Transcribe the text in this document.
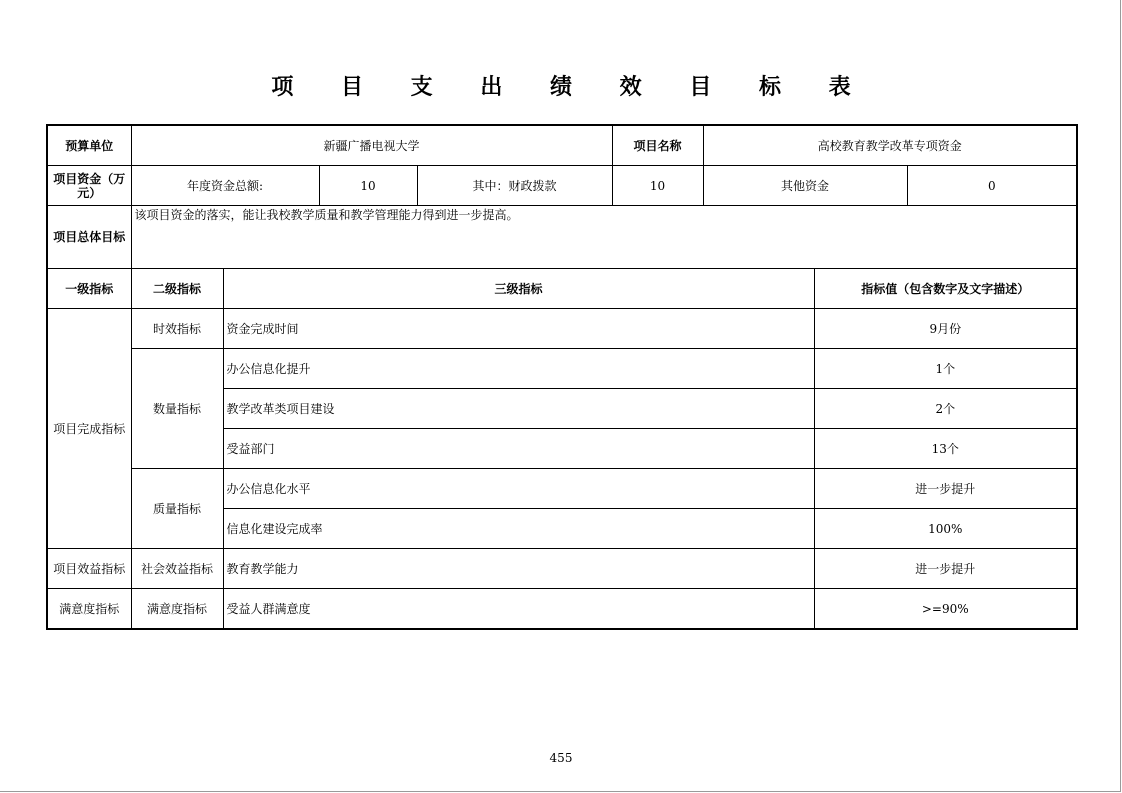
项 目 支 出 绩 效 目 标 表
预算单位	新疆广播电视大学				项目名称	高校教育教学改革专项资金		
项目资金（万元）	年度资金总额:		10	其中：财政拨款	10	其他资金		0
项目总体目标	该项目资金的落实，能让我校教学质量和教学管理能力得到进一步提高。							
一级指标	二级指标	三级指标					指标值（包含数字及文字描述）	
项目完成指标	时效指标	资金完成时间					9月份	
	数量指标	办公信息化提升					1个	
		教学改革类项目建设					2个	
		受益部门					13个	
	质量指标	办公信息化水平					进一步提升	
		信息化建设完成率					100%	
项目效益指标	社会效益指标	教育教学能力					进一步提升	
满意度指标	满意度指标	受益人群满意度					>=90%	
455
